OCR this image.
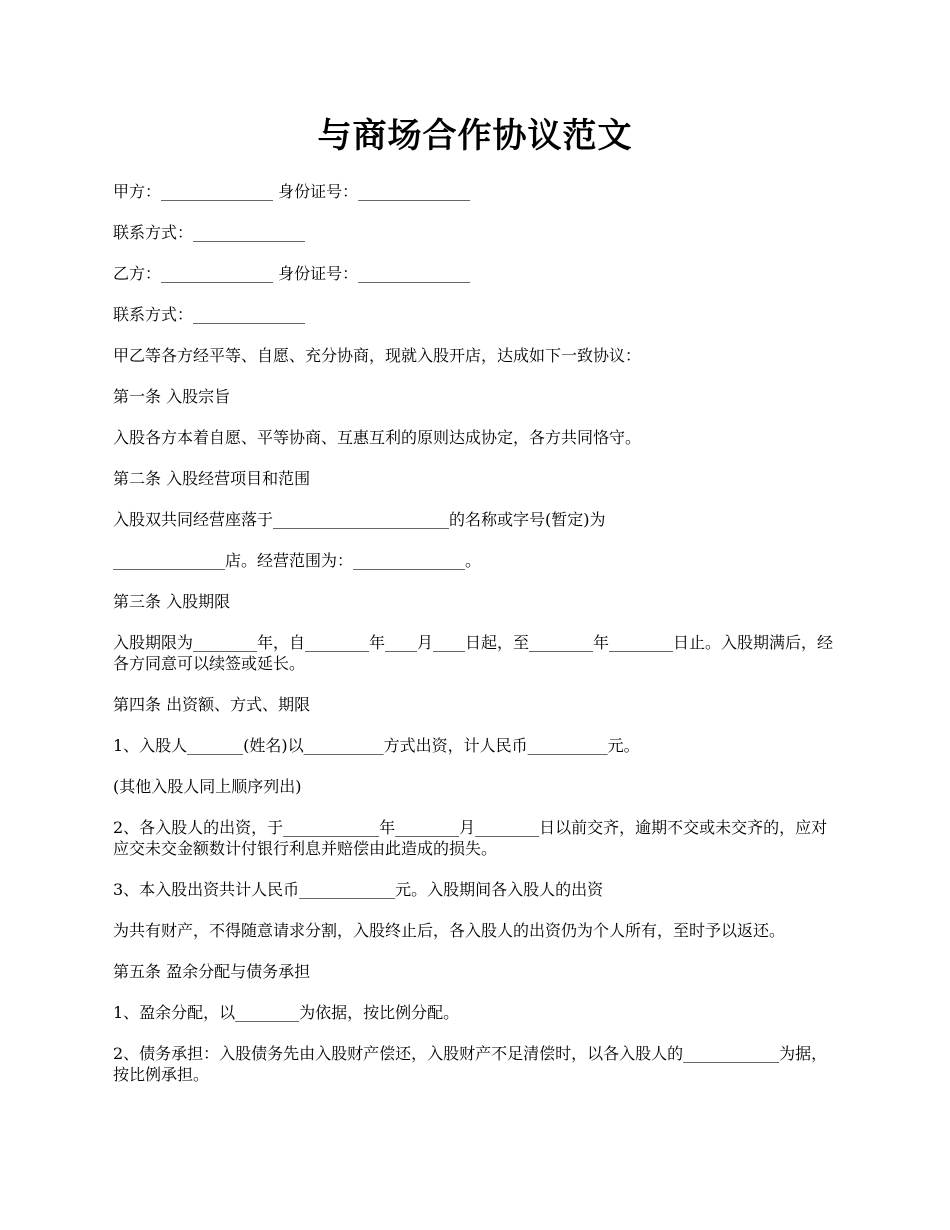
与商场合作协议范文

甲方：______________ 身份证号：______________

联系方式：______________

乙方：______________ 身份证号：______________

联系方式：______________

甲乙等各方经平等、自愿、充分协商，现就入股开店，达成如下一致协议：

第一条 入股宗旨

入股各方本着自愿、平等协商、互惠互利的原则达成协定，各方共同恪守。

第二条 入股经营项目和范围

入股双共同经营座落于______________________的名称或字号(暂定)为

______________店。经营范围为：______________。

第三条 入股期限

入股期限为________年，自________年____月____日起，至________年________日止。入股期满后，经各方同意可以续签或延长。

第四条 出资额、方式、期限

1、入股人_______(姓名)以__________方式出资，计人民币__________元。

(其他入股人同上顺序列出)

2、各入股人的出资，于____________年________月________日以前交齐，逾期不交或未交齐的，应对应交未交金额数计付银行利息并赔偿由此造成的损失。

3、本入股出资共计人民币____________元。入股期间各入股人的出资

为共有财产，不得随意请求分割，入股终止后，各入股人的出资仍为个人所有，至时予以返还。

第五条 盈余分配与债务承担

1、盈余分配，以________为依据，按比例分配。

2、债务承担：入股债务先由入股财产偿还，入股财产不足清偿时，以各入股人的____________为据，按比例承担。
